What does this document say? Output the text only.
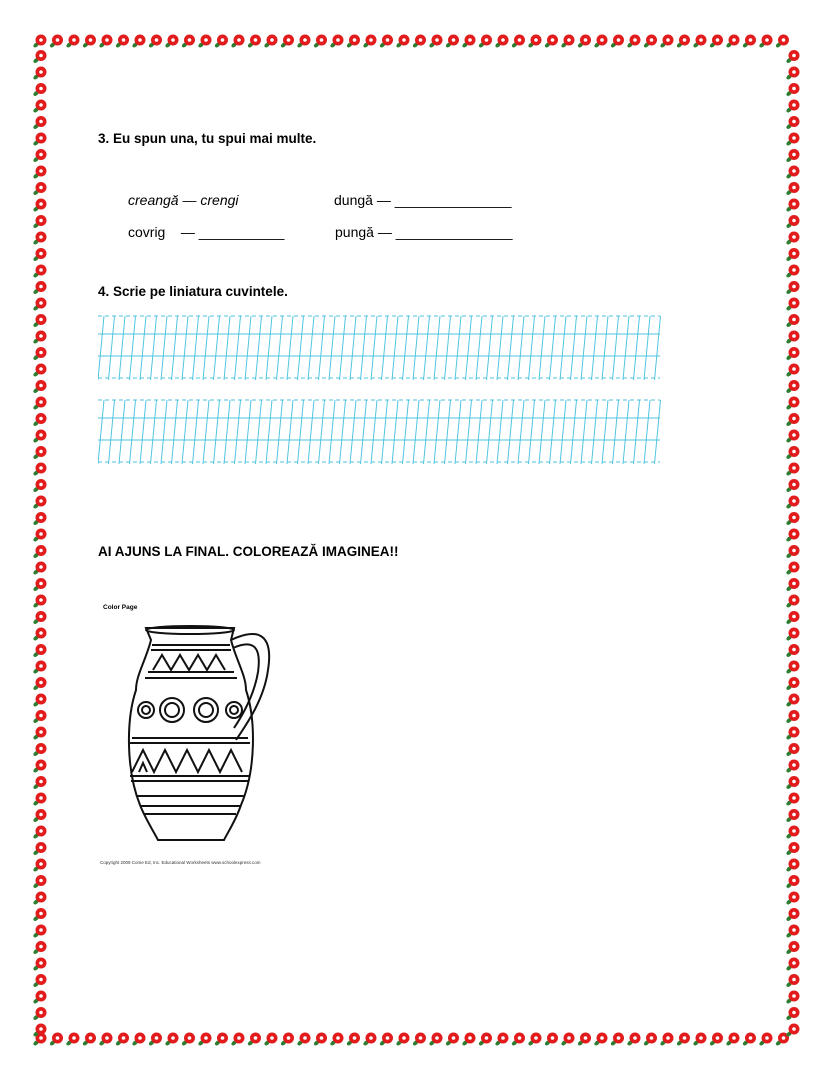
3. Eu spun una, tu spui mai multe.
creangă — crengi
covrig    — ___________
dungă — _______________
pungă — _______________
4. Scrie pe liniatura cuvintele.
AI AJUNS LA FINAL. COLOREAZĂ IMAGINEA!!
Color Page
Copyright 2009 Come Ed, Inc. Educational Worksheets www.schoolexpress.com
